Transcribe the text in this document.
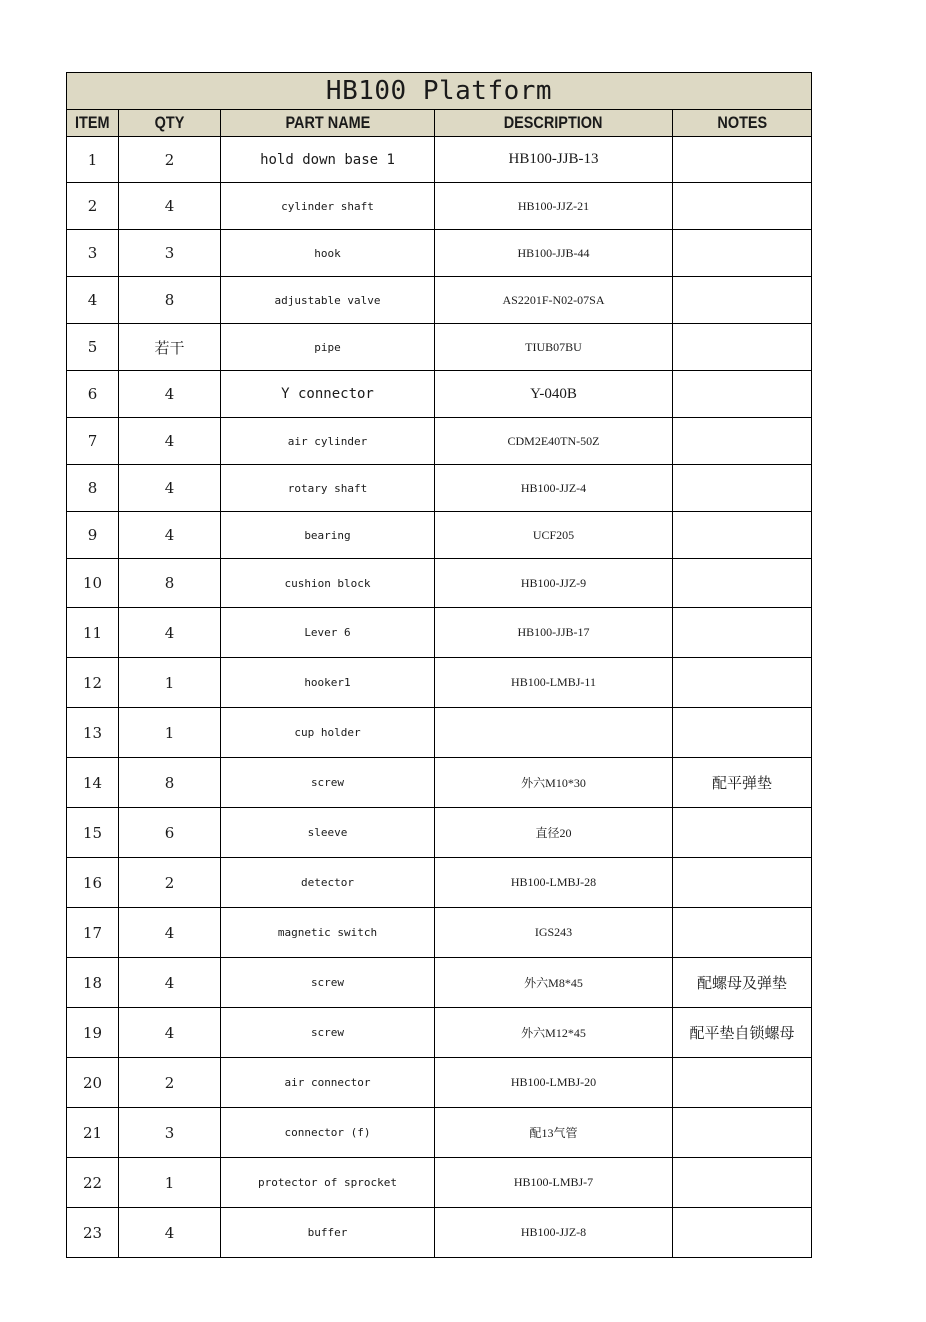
HB100 Platform				
ITEM	QTY	PART NAME	DESCRIPTION	NOTES
1	2	hold down base 1	HB100-JJB-13	
2	4	cylinder shaft	HB100-JJZ-21	
3	3	hook	HB100-JJB-44	
4	8	adjustable valve	AS2201F-N02-07SA	
5	若干	pipe	TIUB07BU	
6	4	Y connector	Y-040B	
7	4	air cylinder	CDM2E40TN-50Z	
8	4	rotary shaft	HB100-JJZ-4	
9	4	bearing	UCF205	
10	8	cushion block	HB100-JJZ-9	
11	4	Lever 6	HB100-JJB-17	
12	1	hooker1	HB100-LMBJ-11	
13	1	cup holder		
14	8	screw	外六M10*30	配平弹垫
15	6	sleeve	直径20	
16	2	detector	HB100-LMBJ-28	
17	4	magnetic switch	IGS243	
18	4	screw	外六M8*45	配螺母及弹垫
19	4	screw	外六M12*45	配平垫自锁螺母
20	2	air connector	HB100-LMBJ-20	
21	3	connector (f)	配13气管	
22	1	protector of sprocket	HB100-LMBJ-7	
23	4	buffer	HB100-JJZ-8	
